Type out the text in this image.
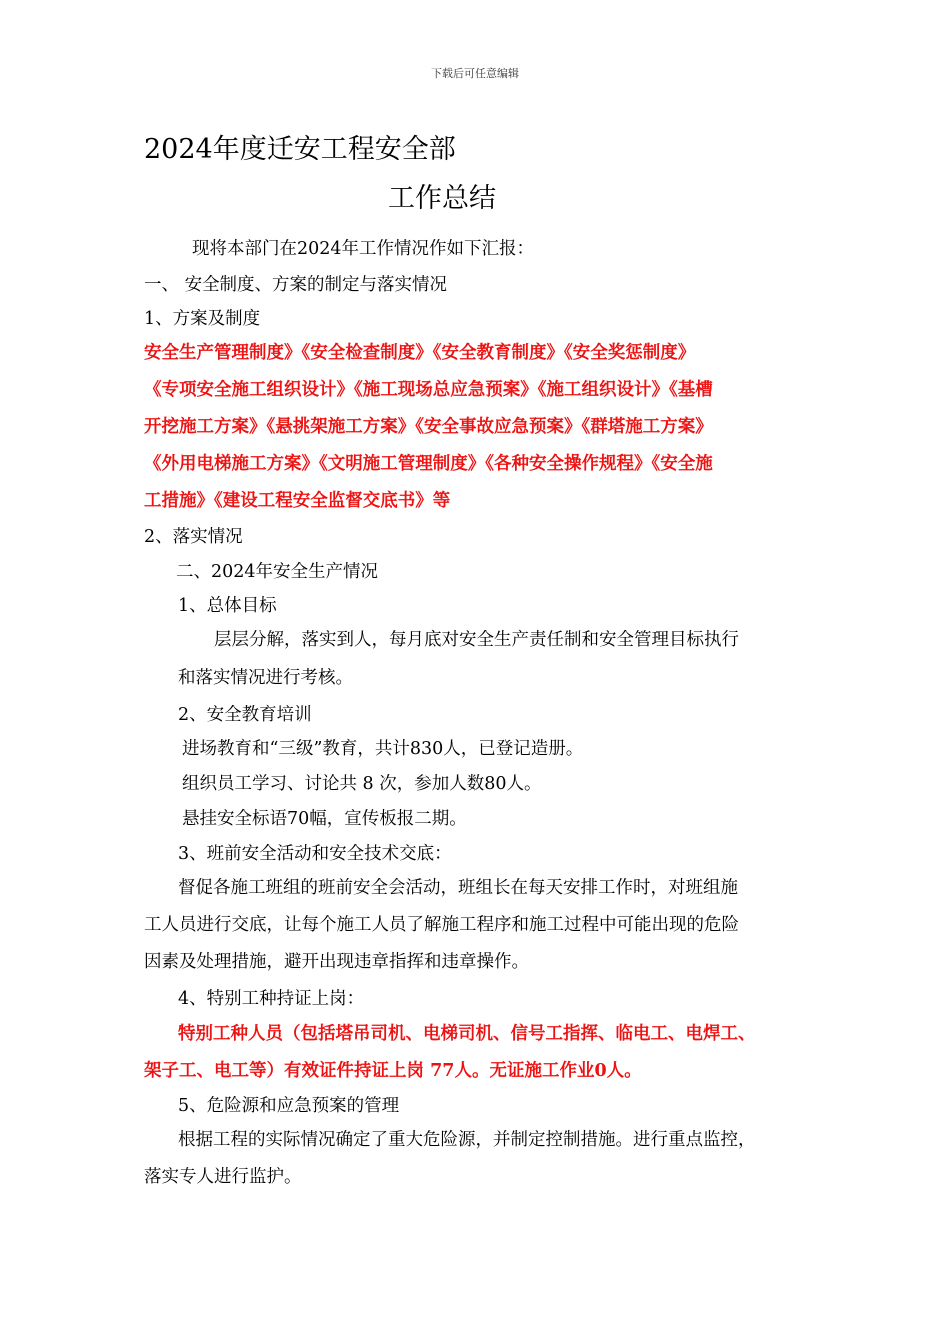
下载后可任意编辑
2024年度迁安工程安全部
工作总结
现将本部门在2024年工作情况作如下汇报：
一、 安全制度、方案的制定与落实情况
1、方案及制度
安全生产管理制度》《安全检查制度》《安全教育制度》《安全奖惩制度》
《专项安全施工组织设计》《施工现场总应急预案》《施工组织设计》《基槽
开挖施工方案》《悬挑架施工方案》《安全事故应急预案》《群塔施工方案》
《外用电梯施工方案》《文明施工管理制度》《各种安全操作规程》《安全施
工措施》《建设工程安全监督交底书》等
2、落实情况
二、2024年安全生产情况
1、总体目标
层层分解，落实到人，每月底对安全生产责任制和安全管理目标执行
和落实情况进行考核。
2、安全教育培训
进场教育和“三级”教育，共计830人，已登记造册。
组织员工学习、讨论共 8 次，参加人数80人。
悬挂安全标语70幅，宣传板报二期。
3、班前安全活动和安全技术交底：
督促各施工班组的班前安全会活动，班组长在每天安排工作时，对班组施
工人员进行交底，让每个施工人员了解施工程序和施工过程中可能出现的危险
因素及处理措施，避开出现违章指挥和违章操作。
4、特别工种持证上岗：
特别工种人员（包括塔吊司机、电梯司机、信号工指挥、临电工、电焊工、
架子工、电工等）有效证件持证上岗 77人。无证施工作业0人。
5、危险源和应急预案的管理
根据工程的实际情况确定了重大危险源，并制定控制措施。进行重点监控，
落实专人进行监护。
